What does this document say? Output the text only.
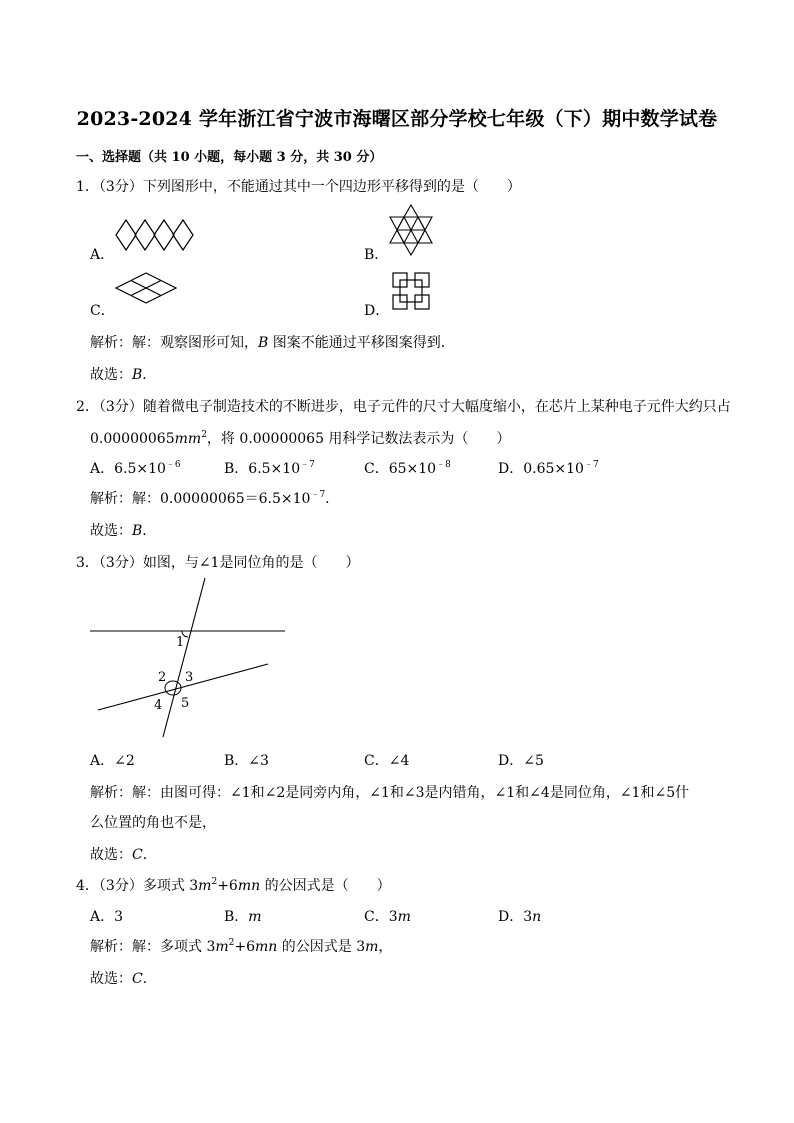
2023-2024 学年浙江省宁波市海曙区部分学校七年级（下）期中数学试卷
一、选择题（共 10 小题，每小题 3 分，共 30 分）
1．（3分）下列图形中，不能通过其中一个四边形平移得到的是（　　）
A．	B．
C．	D．
解析：解：观察图形可知，B 图案不能通过平移图案得到．
故选：B．
2．（3分）随着微电子制造技术的不断进步，电子元件的尺寸大幅度缩小，在芯片上某种电子元件大约只占
$0.00000065mm^2$，将 0.00000065 用科学记数法表示为（　　）
A．$6.5\times 10^{﹣6}$	B．$6.5\times 10^{﹣7}$	C．$65\times 10^{﹣8}$	D．$0.65\times 10^{﹣7}$
解析：解：$0.00000065=6.5\times 10^{﹣7}$．
故选：B．
3．（3分）如图，与∠1是同位角的是（　　）
1
2 3
4 5
A．∠2	B．∠3	C．∠4	D．∠5
解析：解：由图可得：∠1和∠2是同旁内角，∠1和∠3是内错角，∠1和∠4是同位角，∠1和∠5什
么位置的角也不是，
故选：C．
4．（3分）多项式 $3m^2+6mn$ 的公因式是（　　）
A．3	B．m	C．3m	D．3n
解析：解：多项式 $3m^2+6mn$ 的公因式是 3m，
故选：C．
